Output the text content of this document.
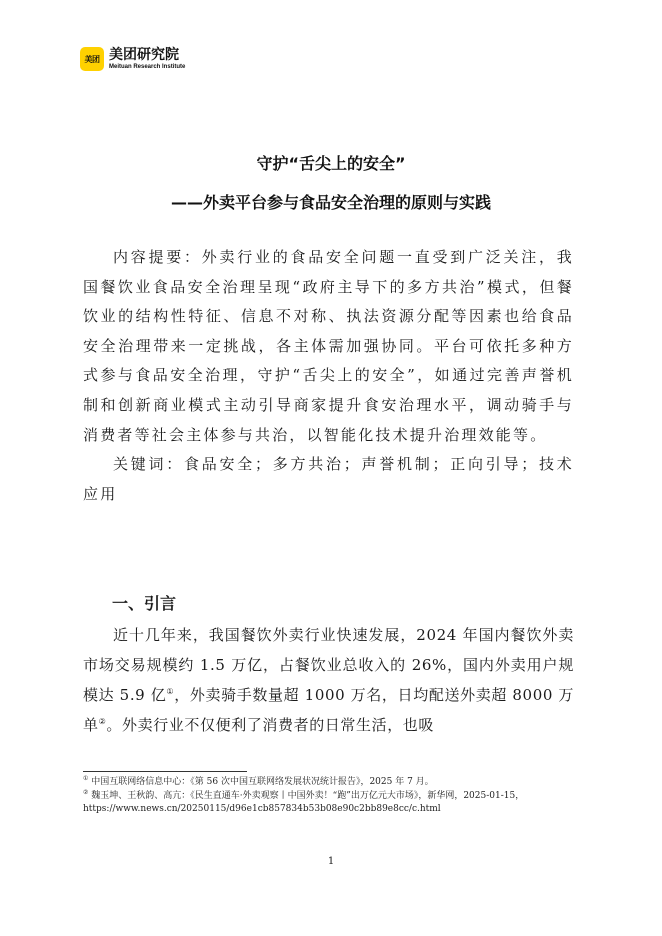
美团 美团研究院
Meituan Research Institute
守护“舌尖上的安全”
——外卖平台参与食品安全治理的原则与实践

内容提要：外卖行业的食品安全问题一直受到广泛关注，我国餐饮业食品安全治理呈现“政府主导下的多方共治”模式，但餐饮业的结构性特征、信息不对称、执法资源分配等因素也给食品安全治理带来一定挑战，各主体需加强协同。平台可依托多种方式参与食品安全治理，守护“舌尖上的安全”，如通过完善声誉机制和创新商业模式主动引导商家提升食安治理水平，调动骑手与消费者等社会主体参与共治，以智能化技术提升治理效能等。

关键词：食品安全；多方共治；声誉机制；正向引导；技术应用

一、引言

近十几年来，我国餐饮外卖行业快速发展，2024 年国内餐饮外卖市场交易规模约 1.5 万亿，占餐饮业总收入的 26%，国内外卖用户规模达 5.9 亿①，外卖骑手数量超 1000 万名，日均配送外卖超 8000 万单②。外卖行业不仅便利了消费者的日常生活，也吸

① 中国互联网络信息中心：《第 56 次中国互联网络发展状况统计报告》，2025 年 7 月。

② 魏玉坤、王秋韵、高亢：《民生直通车·外卖观察丨中国外卖！“跑”出万亿元大市场》，新华网，2025-01-15，https://www.news.cn/20250115/d96e1cb857834b53b08e90c2bb89e8cc/c.html

1
